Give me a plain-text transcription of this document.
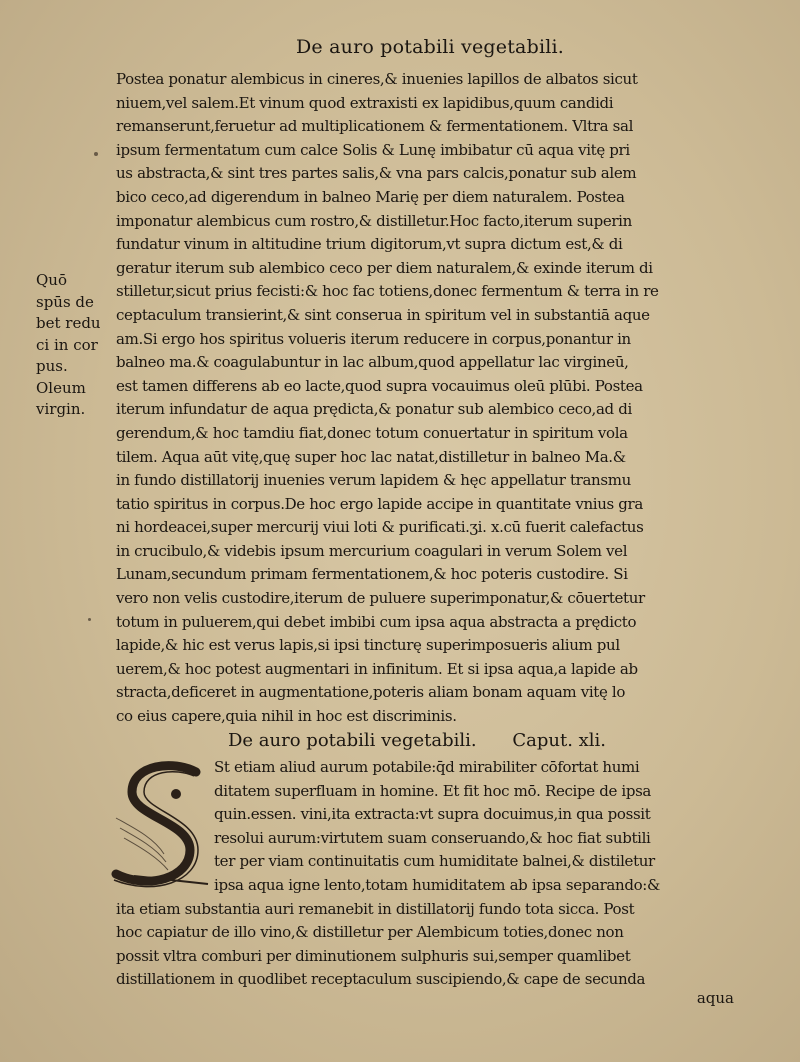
De auro potabili vegetabili.
Quō
spūs de
bet redu
ci in cor
pus.
Oleum
virgin.
Postea ponatur alembicus in cineres,& inuenies lapillos de albatos sicut
niuem,vel salem.Et vinum quod extraxisti ex lapidibus,quum candidi
remanserunt,feruetur ad multiplicationem & fermentationem. Vltra sal
ipsum fermentatum cum calce Solis & Lunę imbibatur cū aqua vitę pri
us abstracta,& sint tres partes salis,& vna pars calcis,ponatur sub alem
bico ceco,ad digerendum in balneo Marię per diem naturalem. Postea
imponatur alembicus cum rostro,& distilletur.Hoc facto,iterum superin
fundatur vinum in altitudine trium digitorum,vt supra dictum est,& di
geratur iterum sub alembico ceco per diem naturalem,& exinde iterum di
stilletur,sicut prius fecisti:& hoc fac totiens,donec fermentum & terra in re
ceptaculum transierint,& sint conserua in spiritum vel in substantiā aque
am.Si ergo hos spiritus volueris iterum reducere in corpus,ponantur in
balneo ma.& coagulabuntur in lac album,quod appellatur lac virgineū,
est tamen differens ab eo lacte,quod supra vocauimus oleū plūbi. Postea
iterum infundatur de aqua prędicta,& ponatur sub alembico ceco,ad di
gerendum,& hoc tamdiu fiat,donec totum conuertatur in spiritum vola
tilem. Aqua aūt vitę,quę super hoc lac natat,distilletur in balneo Ma.&
in fundo distillatorij inuenies verum lapidem & hęc appellatur transmu
tatio spiritus in corpus.De hoc ergo lapide accipe in quantitate vnius gra
ni hordeacei,super mercurij viui loti & purificati.ʒi. x.cū fuerit calefactus
in crucibulo,& videbis ipsum mercurium coagulari in verum Solem vel
Lunam,secundum primam fermentationem,& hoc poteris custodire. Si
vero non velis custodire,iterum de puluere superimponatur,& cōuertetur
totum in puluerem,qui debet imbibi cum ipsa aqua abstracta a prędicto
lapide,& hic est verus lapis,si ipsi tincturę superimposueris alium pul
uerem,& hoc potest augmentari in infinitum. Et si ipsa aqua,a lapide ab
stracta,deficeret in augmentatione,poteris aliam bonam aquam vitę lo
co eius capere,quia nihil in hoc est discriminis.
De auro potabili vegetabili. Caput. xli.
St etiam aliud aurum potabile:q̄d mirabiliter cōfortat humi
ditatem superfluam in homine. Et fit hoc mō. Recipe de ipsa
quin.essen. vini,ita extracta:vt supra docuimus,in qua possit
resolui aurum:virtutem suam conseruando,& hoc fiat subtili
ter per viam continuitatis cum humiditate balnei,& distiletur
ipsa aqua igne lento,totam humiditatem ab ipsa separando:&
ita etiam substantia auri remanebit in distillatorij fundo tota sicca. Post
hoc capiatur de illo vino,& distilletur per Alembicum toties,donec non
possit vltra comburi per diminutionem sulphuris sui,semper quamlibet
distillationem in quodlibet receptaculum suscipiendo,& cape de secunda
aqua
